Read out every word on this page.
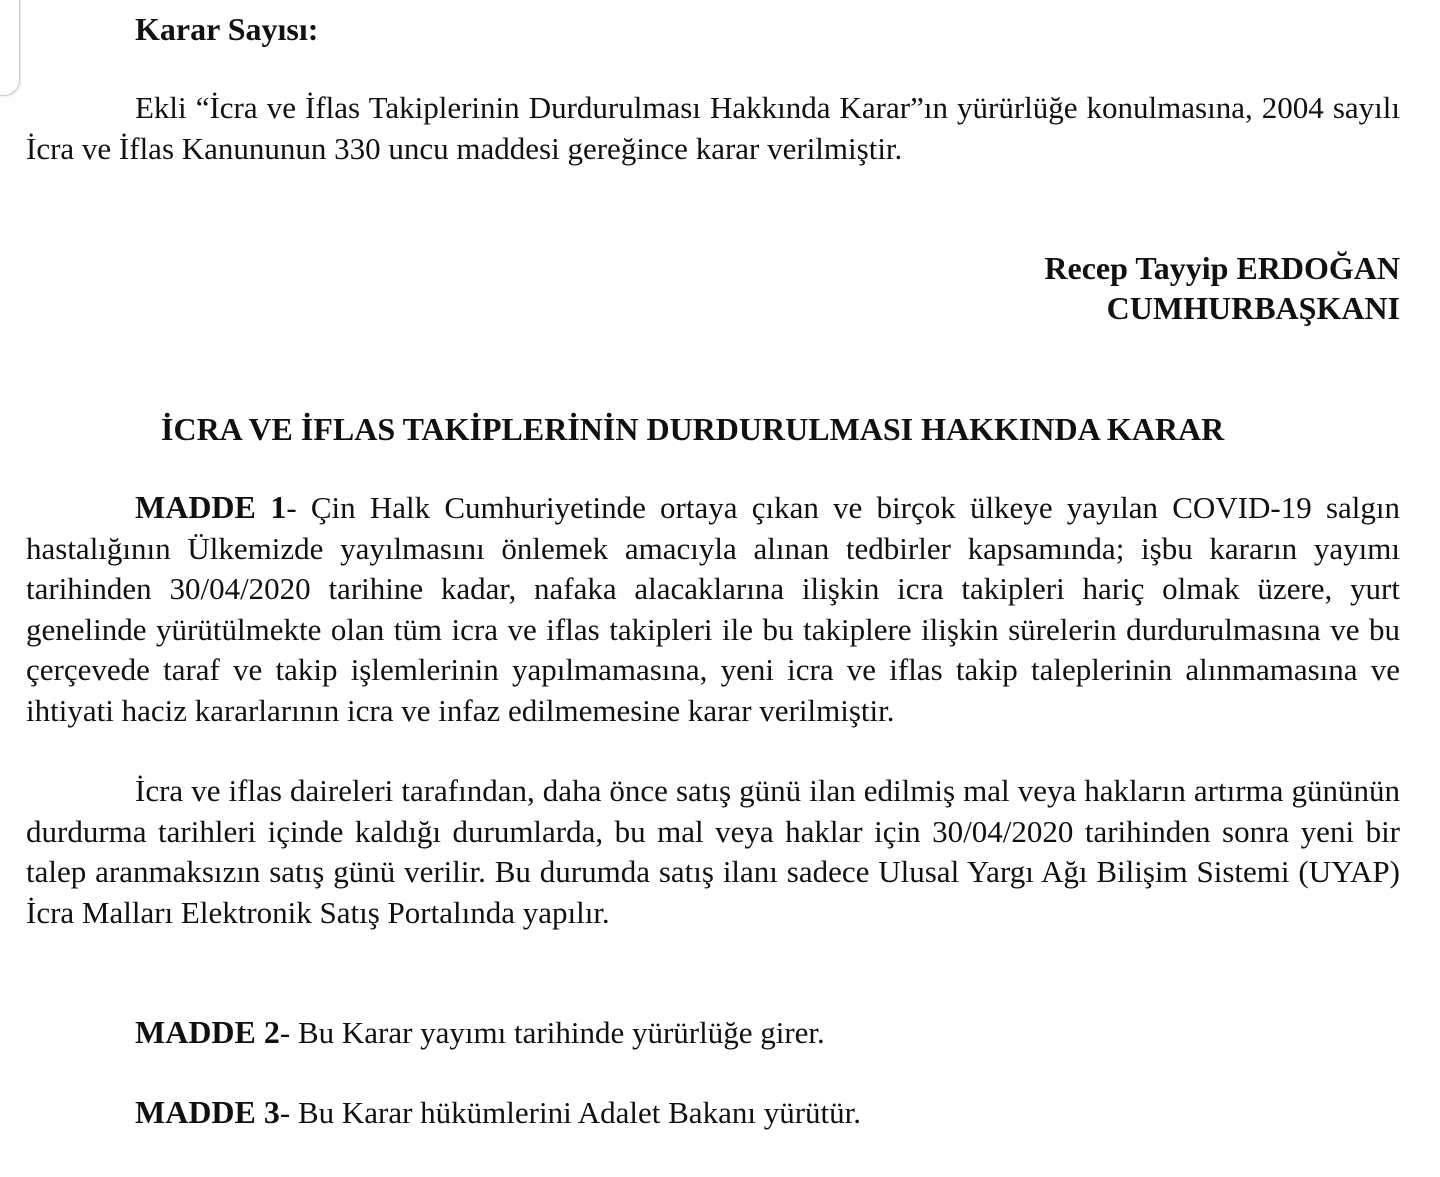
Karar Sayısı:

Ekli “İcra ve İflas Takiplerinin Durdurulması Hakkında Karar”ın yürürlüğe konulmasına, 2004 sayılı İcra ve İflas Kanununun 330 uncu maddesi gereğince karar verilmiştir.

Recep Tayyip ERDOĞAN
CUMHURBAŞKANI

İCRA VE İFLAS TAKİPLERİNİN DURDURULMASI HAKKINDA KARAR

MADDE 1- Çin Halk Cumhuriyetinde ortaya çıkan ve birçok ülkeye yayılan COVID-19 salgın hastalığının Ülkemizde yayılmasını önlemek amacıyla alınan tedbirler kapsamında; işbu kararın yayımı tarihinden 30/04/2020 tarihine kadar, nafaka alacaklarına ilişkin icra takipleri hariç olmak üzere, yurt genelinde yürütülmekte olan tüm icra ve iflas takipleri ile bu takiplere ilişkin sürelerin durdurulmasına ve bu çerçevede taraf ve takip işlemlerinin yapılmamasına, yeni icra ve iflas takip taleplerinin alınmamasına ve ihtiyati haciz kararlarının icra ve infaz edilmemesine karar verilmiştir.

İcra ve iflas daireleri tarafından, daha önce satış günü ilan edilmiş mal veya hakların artırma gününün durdurma tarihleri içinde kaldığı durumlarda, bu mal veya haklar için 30/04/2020 tarihinden sonra yeni bir talep aranmaksızın satış günü verilir. Bu durumda satış ilanı sadece Ulusal Yargı Ağı Bilişim Sistemi (UYAP) İcra Malları Elektronik Satış Portalında yapılır.

MADDE 2- Bu Karar yayımı tarihinde yürürlüğe girer.

MADDE 3- Bu Karar hükümlerini Adalet Bakanı yürütür.
